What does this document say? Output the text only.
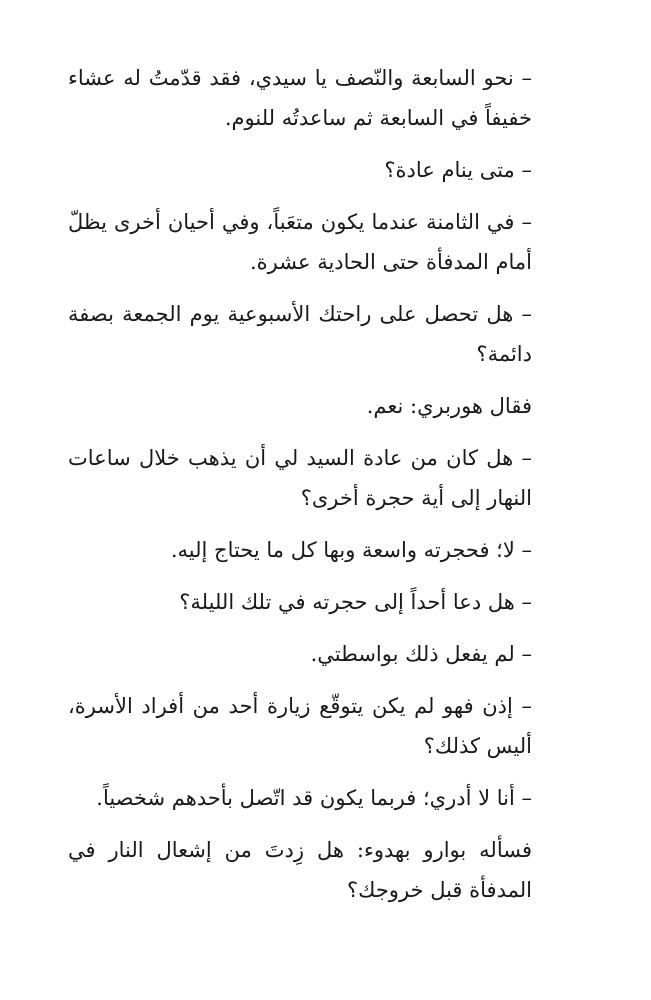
– نحو السابعة والنّصف يا سيدي، فقد قدّمتُ له عشاء خفيفاً في السابعة ثم ساعدتُه للنوم.

– متى ينام عادة؟

– في الثامنة عندما يكون متعَباً، وفي أحيان أخرى يظلّ أمام المدفأة حتى الحادية عشرة.

– هل تحصل على راحتك الأسبوعية يوم الجمعة بصفة دائمة؟

فقال هوربري: نعم.

– هل كان من عادة السيد لي أن يذهب خلال ساعات النهار إلى أية حجرة أخرى؟

– لا؛ فحجرته واسعة وبها كل ما يحتاج إليه.

– هل دعا أحداً إلى حجرته في تلك الليلة؟

– لم يفعل ذلك بواسطتي.

– إذن فهو لم يكن يتوقّع زيارة أحد من أفراد الأسرة، أليس كذلك؟

– أنا لا أدري؛ فربما يكون قد اتّصل بأحدهم شخصياً.

فسأله بوارو بهدوء: هل زِدتَ من إشعال النار في المدفأة قبل خروجك؟
